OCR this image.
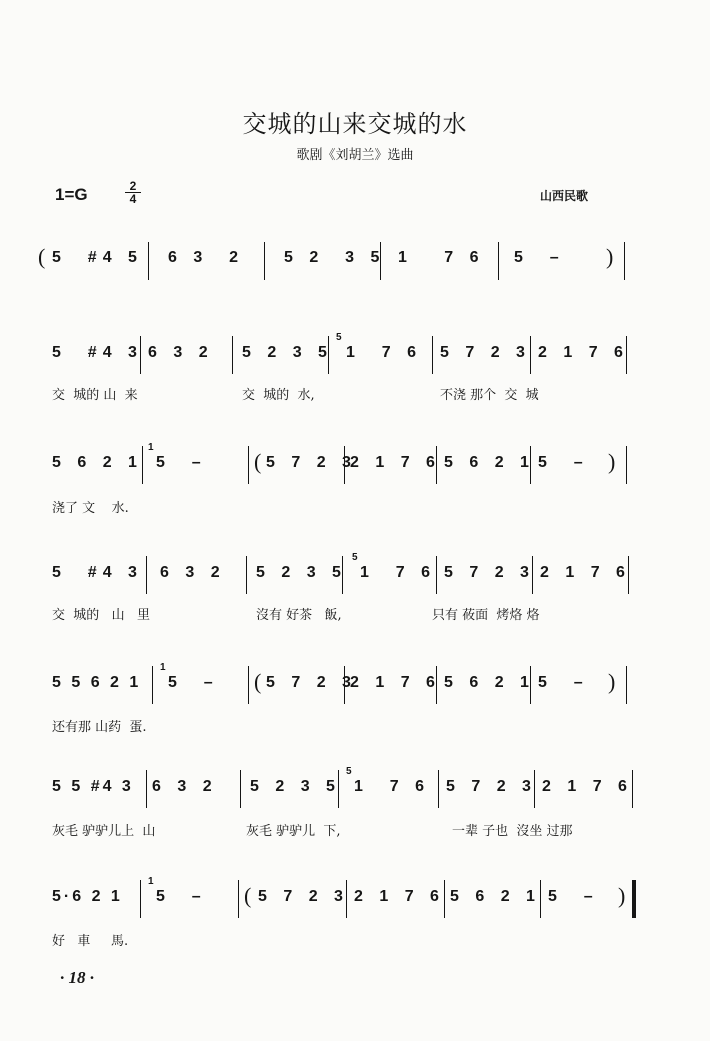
交城的山来交城的水
歌剧《刘胡兰》选曲
1=G	2
4	山西民歌
( 5  #4 5 6 3  2 5 2  3 5 1   7 6 5  – )
5  #4 3 6 3 2 5 2 3 5
5
1  7 6 5 7 2 3 2 1 7 6
交  城的 山  来	交  城的  水,	不浇 那个  交  城
5 6 2 1
1
5  – ( 5 7 2 3
2 1 7 6 5 6 2 1 5  – )
浇了 文    水.
5  #4 3 6 3 2 5 2 3 5
5
1  7 6 5 7 2 3 2 1 7 6
交  城的   山   里	沒有 好茶   飯,	只有 莜面  烤烙 烙
5 5 6 2 1
1
5  – ( 5 7 2 3
2 1 7 6 5 6 2 1 5  – )
还有那 山药  蛋.
5 5 #4 3 6 3 2 5 2 3 5
5
1  7 6 5 7 2 3 2 1 7 6
灰毛 驴驴儿上  山	灰毛 驴驴儿  下,	一辈 子也  沒坐 过那
5·6 2 1
1
5  – ( 5 7 2 3 2 1 7 6 5 6 2 1 5  – )
好   車     馬.
· 18 ·
